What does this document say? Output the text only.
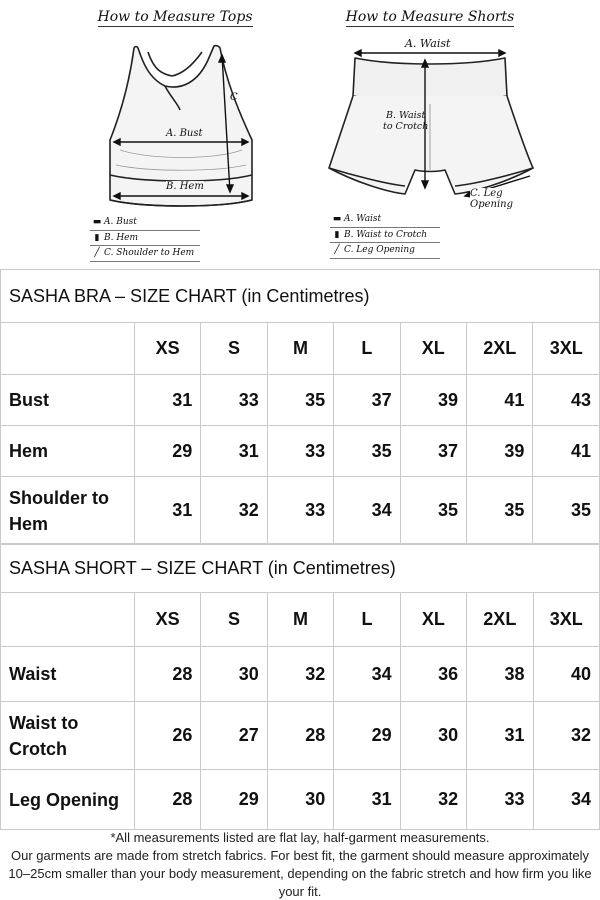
How to Measure Tops
A. Bust
B. Hem
C
▬ A. Bust
▮ B. Hem
╱ C. Shoulder to Hem
How to Measure Shorts
A. Waist
B. Waist
to Crotch
C. Leg Opening
▬ A. Waist
▮ B. Waist to Crotch
╱ C. Leg Opening
SASHA BRA – SIZE CHART (in Centimetres)							
	XS	S	M	L	XL	2XL	3XL
Bust	31	33	35	37	39	41	43
Hem	29	31	33	35	37	39	41
Shoulder to Hem	31	32	33	34	35	35	35
SASHA SHORT – SIZE CHART (in Centimetres)							
	XS	S	M	L	XL	2XL	3XL
Waist	28	30	32	34	36	38	40
Waist to Crotch	26	27	28	29	30	31	32
Leg Opening	28	29	30	31	32	33	34
*All measurements listed are flat lay, half-garment measurements.
Our garments are made from stretch fabrics. For best fit, the garment should measure approximately 10–25cm smaller than your body measurement, depending on the fabric stretch and how firm you like your fit.
